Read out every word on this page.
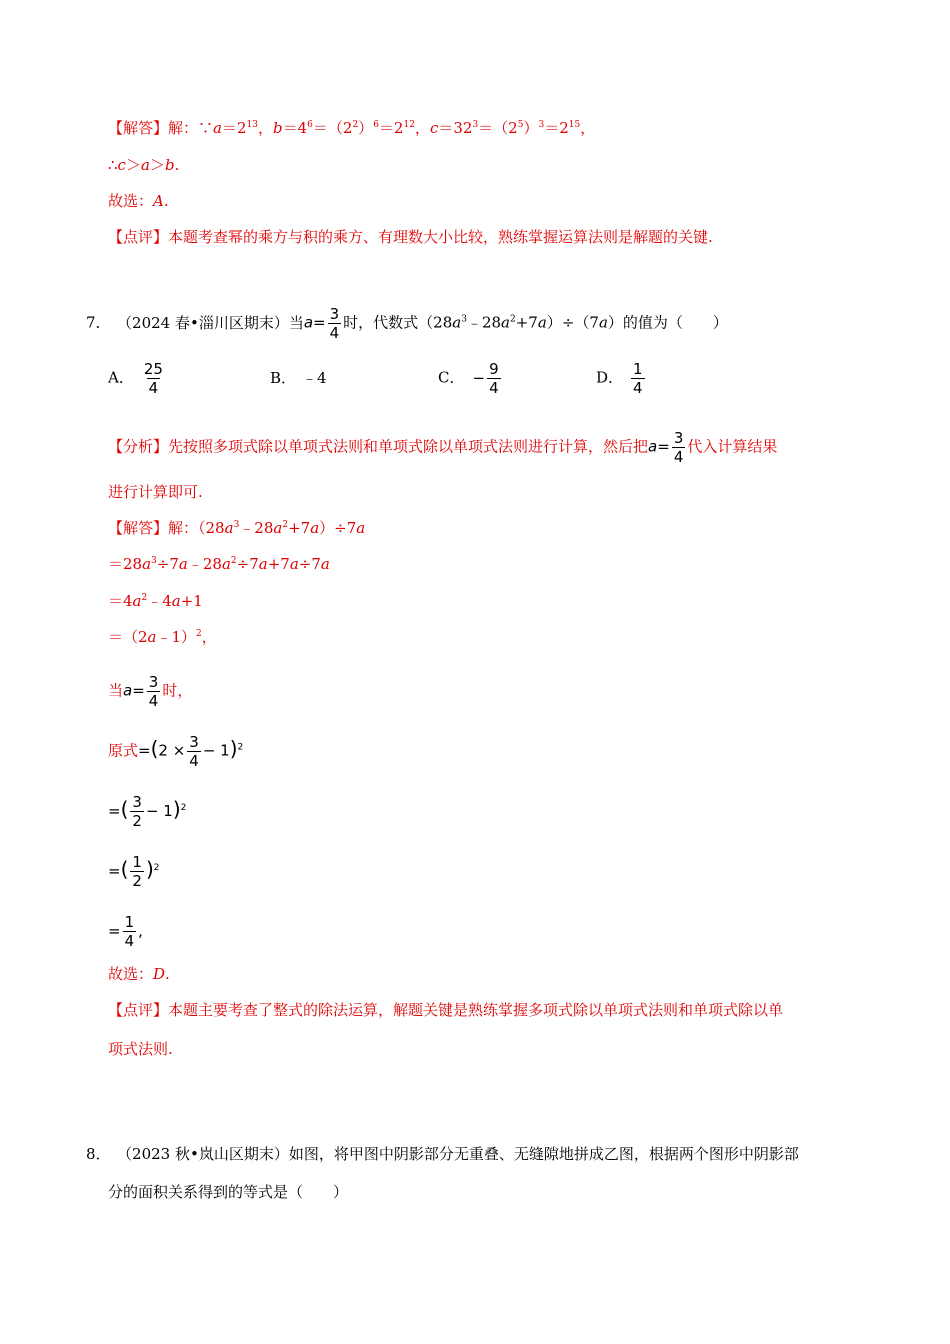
【解答】解：$\because a=2^{13}$，$b=4^6=(2^2)^6=2^{12}$，$c=32^3=(2^5)^3=2^{15}$，
∴c＞a＞b.
故选：A.
【点评】本题考查幂的乘方与积的乘方、有理数大小比较，熟练掌握运算法则是解题的关键.
7． （2024 春•淄川区期末）当$a= \frac{3}{4}$ 时，代数式$(28a^3﹣28a^2+7a)\div(7a)$的值为（　　）
A． $\frac{25}{4}$	B． ﹣4	C． − $\frac{9}{4}$	D． $\frac{1}{4}$
【分析】先按照多项式除以单项式法则和单项式除以单项式法则进行计算，然后把$a= \frac{3}{4}$ 代入计算结果
进行计算即可.
【解答】解：$(28a^3﹣28a^2+7a)\div 7a$
$=28a^3\div 7a﹣28a^2\div 7a+7a\div 7a$
$=4a^2﹣4a+1$
＝（2a﹣1）$^2$，
当$a= \frac{3}{4}$ 时，
原式$=(2 \times \frac{3}{4} - 1)^2$
=( $\frac{3}{2} - 1)^2$
=( $\frac{1}{2} )^2$
= $\frac{1}{4}$ ,
故选：D.
【点评】本题主要考查了整式的除法运算，解题关键是熟练掌握多项式除以单项式法则和单项式除以单
项式法则.
8． （2023 秋•岚山区期末）如图，将甲图中阴影部分无重叠、无缝隙地拼成乙图，根据两个图形中阴影部
分的面积关系得到的等式是（　　）
